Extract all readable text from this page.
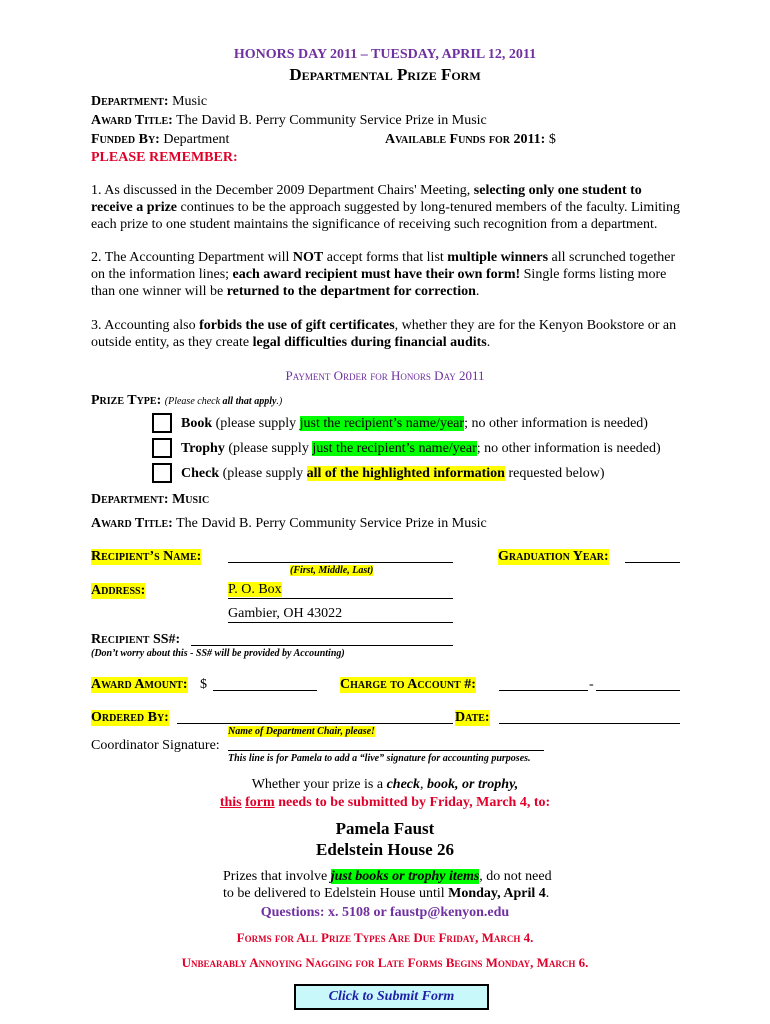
HONORS DAY 2011 – TUESDAY, APRIL 12, 2011
Departmental Prize Form
Department: Music
Award Title: The David B. Perry Community Service Prize in Music
Funded By: Department	Available Funds for 2011: $
PLEASE REMEMBER:
1. As discussed in the December 2009 Department Chairs' Meeting, selecting only one student to receive a prize continues to be the approach suggested by long-tenured members of the faculty. Limiting each prize to one student maintains the significance of receiving such recognition from a department.
2. The Accounting Department will NOT accept forms that list multiple winners all scrunched together on the information lines; each award recipient must have their own form! Single forms listing more than one winner will be returned to the department for correction.
3. Accounting also forbids the use of gift certificates, whether they are for the Kenyon Bookstore or an outside entity, as they create legal difficulties during financial audits.
Payment Order for Honors Day 2011
Prize Type: (Please check all that apply.)
Book (please supply just the recipient’s name/year; no other information is needed)
Trophy (please supply just the recipient’s name/year; no other information is needed)
Check (please supply all of the highlighted information requested below)
Department: Music
Award Title: The David B. Perry Community Service Prize in Music
Recipient’s Name:
(First, Middle, Last)
Graduation Year:
Address:	P. O. Box
Gambier, OH 43022
Recipient SS#:
(Don’t worry about this - SS# will be provided by Accounting)
Award Amount: $	Charge to Account #:	-
Ordered By:
Name of Department Chair, please!
Date:
Coordinator Signature:
This line is for Pamela to add a “live” signature for accounting purposes.
Whether your prize is a check, book, or trophy,
this form needs to be submitted by Friday, March 4, to:
Pamela Faust
Edelstein House 26
Prizes that involve just books or trophy items, do not need
to be delivered to Edelstein House until Monday, April 4.
Questions: x. 5108 or faustp@kenyon.edu
Forms for All Prize Types Are Due Friday, March 4.
Unbearably Annoying Nagging for Late Forms Begins Monday, March 6.
Click to Submit Form
